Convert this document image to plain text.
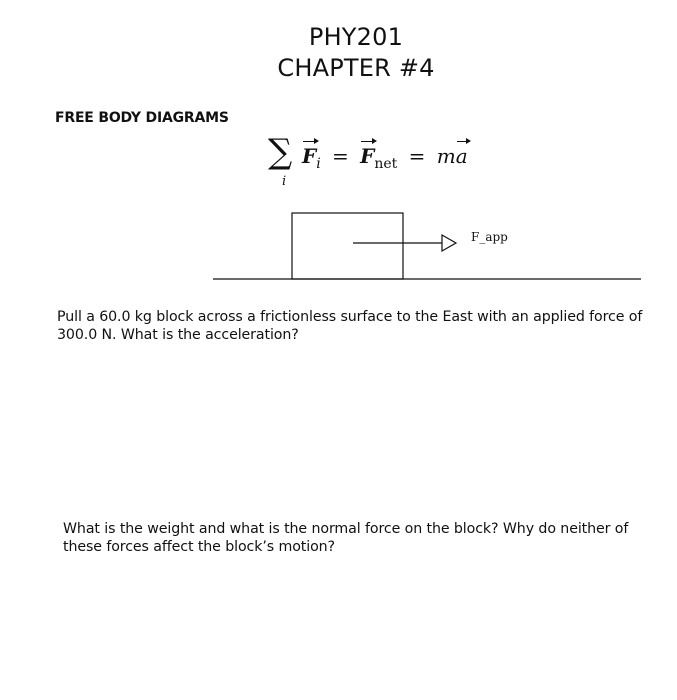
PHY201
CHAPTER #4
FREE BODY DIAGRAMS
∑
i
$F_i = F_{net}$ = ma
F_app
Pull a 60.0 kg block across a frictionless surface to the East with an applied force of
300.0 N. What is the acceleration?
What is the weight and what is the normal force on the block? Why do neither of
these forces affect the block’s motion?
